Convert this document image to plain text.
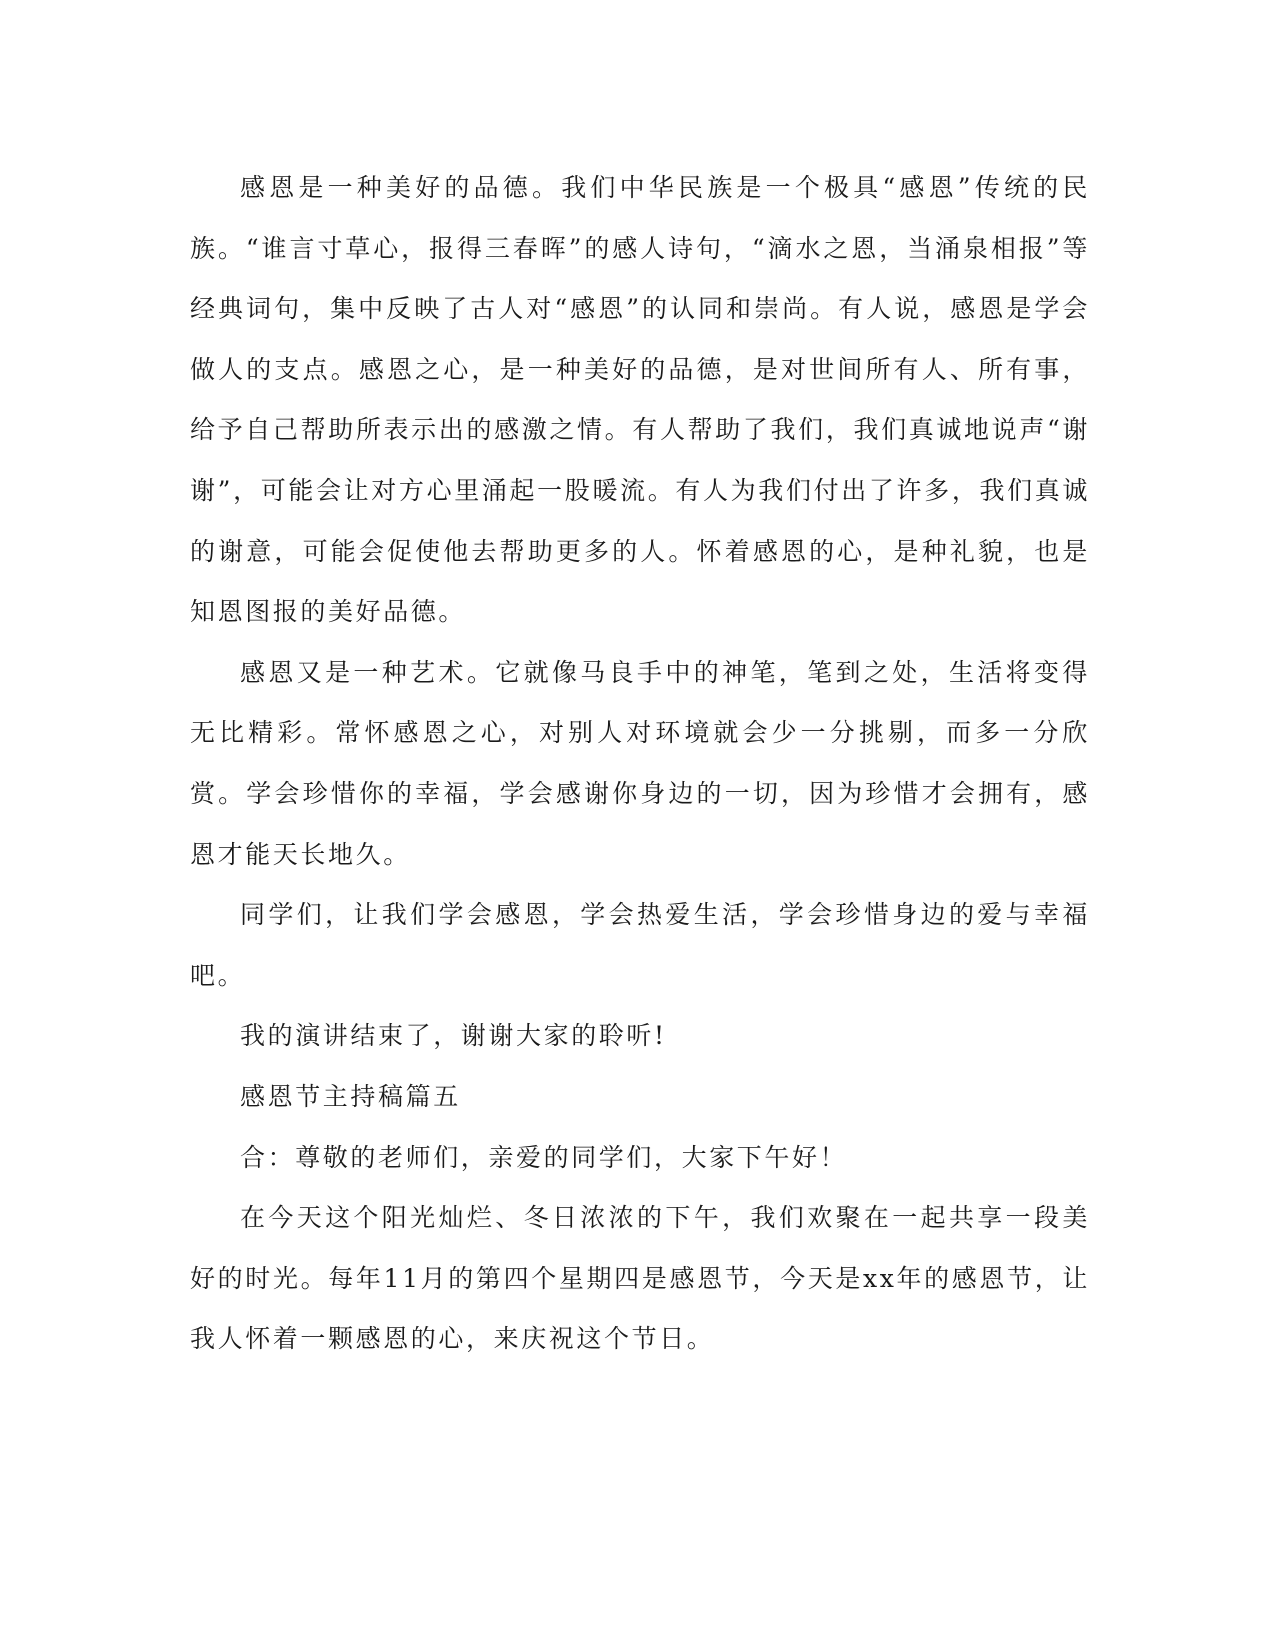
感恩是一种美好的品德。我们中华民族是一个极具“感恩”传统的民族。“谁言寸草心，报得三春晖”的感人诗句，“滴水之恩，当涌泉相报”等经典词句，集中反映了古人对“感恩”的认同和崇尚。有人说，感恩是学会做人的支点。感恩之心，是一种美好的品德，是对世间所有人、所有事，给予自己帮助所表示出的感激之情。有人帮助了我们，我们真诚地说声“谢谢”，可能会让对方心里涌起一股暖流。有人为我们付出了许多，我们真诚的谢意，可能会促使他去帮助更多的人。怀着感恩的心，是种礼貌，也是知恩图报的美好品德。

感恩又是一种艺术。它就像马良手中的神笔，笔到之处，生活将变得无比精彩。常怀感恩之心，对别人对环境就会少一分挑剔，而多一分欣赏。学会珍惜你的幸福，学会感谢你身边的一切，因为珍惜才会拥有，感恩才能天长地久。

同学们，让我们学会感恩，学会热爱生活，学会珍惜身边的爱与幸福吧。

我的演讲结束了，谢谢大家的聆听!

感恩节主持稿篇五

合：尊敬的老师们，亲爱的同学们，大家下午好！

在今天这个阳光灿烂、冬日浓浓的下午，我们欢聚在一起共享一段美好的时光。每年11月的第四个星期四是感恩节，今天是xx年的感恩节，让我人怀着一颗感恩的心，来庆祝这个节日。
